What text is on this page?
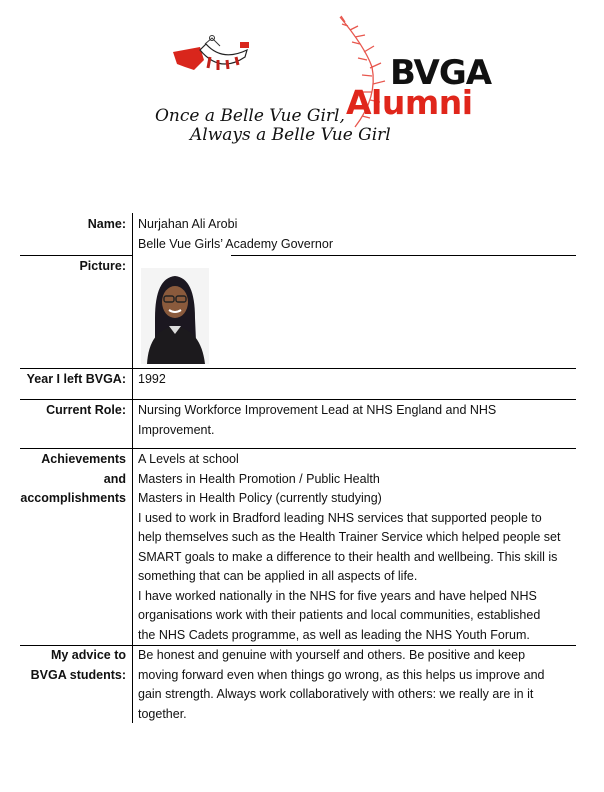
BVGA
Alumni
Once a Belle Vue Girl,
Always a Belle Vue Girl
Name: Nurjahan Ali Arobi
Belle Vue Girls’ Academy Governor
Picture:
Year I left BVGA: 1992
Current Role: Nursing Workforce Improvement Lead at NHS England and NHS
Improvement.
Achievements
and
accomplishments
A Levels at school
Masters in Health Promotion / Public Health
Masters in Health Policy (currently studying)
I used to work in Bradford leading NHS services that supported people to
help themselves such as the Health Trainer Service which helped people set
SMART goals to make a difference to their health and wellbeing. This skill is
something that can be applied in all aspects of life.
I have worked nationally in the NHS for five years and have helped NHS
organisations work with their patients and local communities, established
the NHS Cadets programme, as well as leading the NHS Youth Forum.
My advice to
BVGA students:
Be honest and genuine with yourself and others. Be positive and keep
moving forward even when things go wrong, as this helps us improve and
gain strength. Always work collaboratively with others: we really are in it
together.
